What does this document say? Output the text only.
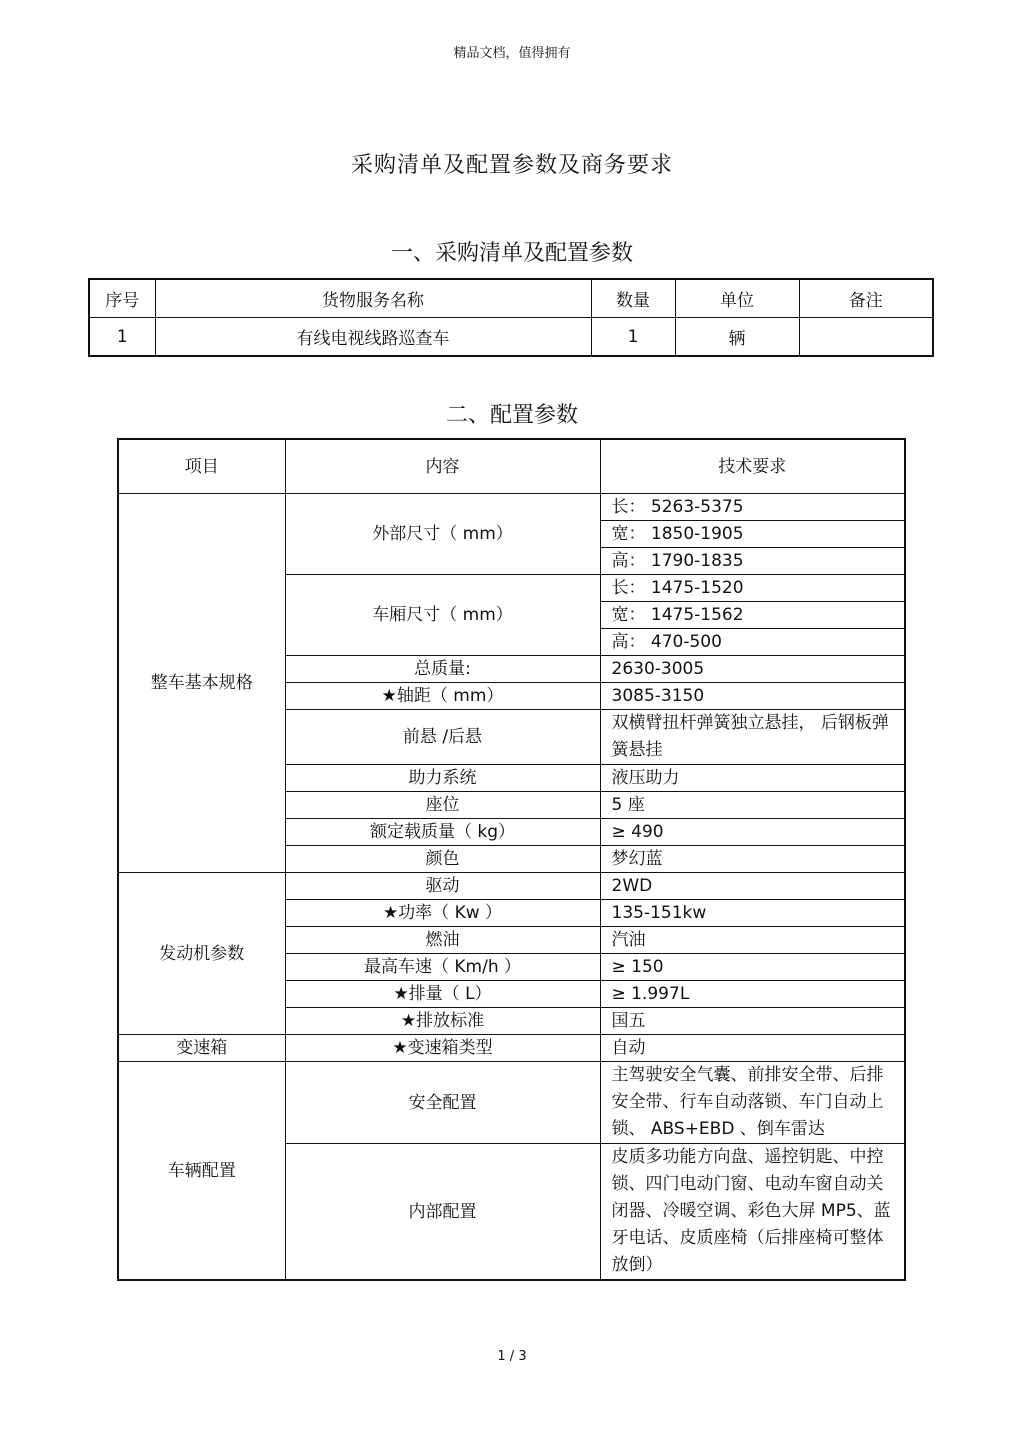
精品文档，值得拥有
采购清单及配置参数及商务要求
一、采购清单及配置参数
序号	货物服务名称	数量	单位	备注
1	有线电视线路巡查车	1	辆	
二、配置参数
项目	内容	技术要求
整车基本规格	外部尺寸（ mm）	长： 5263-5375
		宽： 1850-1905
		高： 1790-1835
	车厢尺寸（ mm）	长： 1475-1520
		宽： 1475-1562
		高： 470-500
	总质量:	2630-3005
	★轴距（ mm）	3085-3150
	前悬 /后悬	双横臂扭杆弹簧独立悬挂， 后钢板弹簧悬挂
	助力系统	液压助力
	座位	5 座
	额定载质量（ kg）	≥ 490
	颜色	梦幻蓝
发动机参数	驱动	2WD
	★功率（ Kw ）	135-151kw
	燃油	汽油
	最高车速（ Km/h ）	≥ 150
	★排量（ L）	≥ 1.997L
	★排放标准	国五
变速箱	★变速箱类型	自动
车辆配置	安全配置	主驾驶安全气囊、前排安全带、后排安全带、行车自动落锁、车门自动上锁、 ABS+EBD 、倒车雷达
	内部配置	皮质多功能方向盘、遥控钥匙、中控锁、四门电动门窗、电动车窗自动关闭器、冷暖空调、彩色大屏 MP5、蓝牙电话、皮质座椅（后排座椅可整体放倒）
1 / 3
